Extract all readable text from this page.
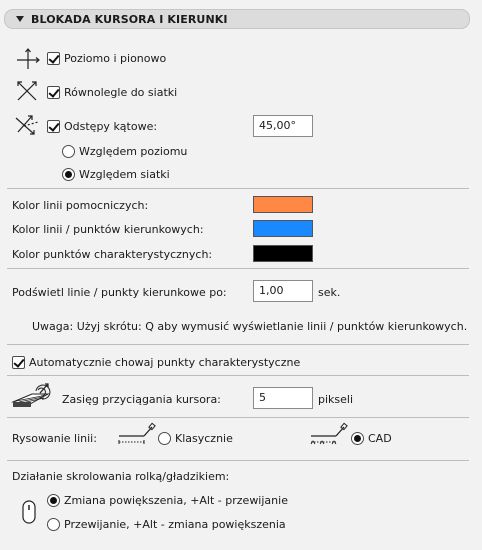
BLOKADA KURSORA I KIERUNKI
Poziomo i pionowo
Równolegle do siatki
Odstępy kątowe:	45,00°
Względem poziomu
Względem siatki
Kolor linii pomocniczych:
Kolor linii / punktów kierunkowych:
Kolor punktów charakterystycznych:
Podświetl linie / punkty kierunkowe po:	1,00	sek.
Uwaga: Użyj skrótu: Q aby wymusić wyświetlanie linii / punktów kierunkowych.
Automatycznie chowaj punkty charakterystyczne
Zasięg przyciągania kursora:	5	pikseli
Rysowanie linii:	Klasycznie	CAD
Działanie skrolowania rolką/gładzikiem:
Zmiana powiększenia, +Alt - przewijanie
Przewijanie, +Alt - zmiana powiększenia
